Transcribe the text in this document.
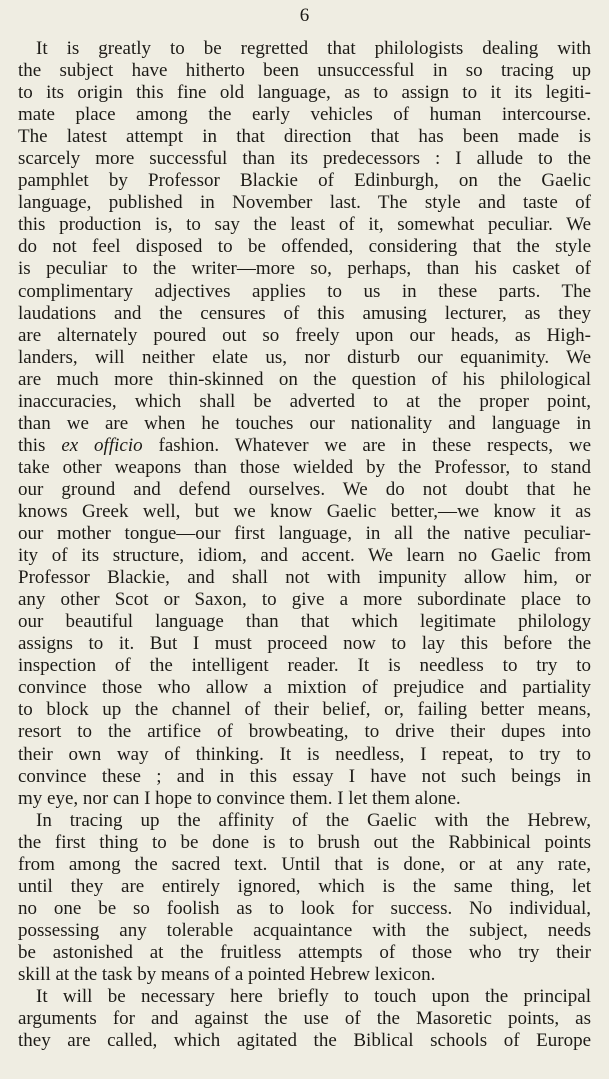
6
It is greatly to be regretted that philologists dealing with
the subject have hitherto been unsuccessful in so tracing up
to its origin this fine old language, as to assign to it its legiti-
mate place among the early vehicles of human intercourse.
The latest attempt in that direction that has been made is
scarcely more successful than its predecessors : I allude to the
pamphlet by Professor Blackie of Edinburgh, on the Gaelic
language, published in November last. The style and taste of
this production is, to say the least of it, somewhat peculiar. We
do not feel disposed to be offended, considering that the style
is peculiar to the writer—more so, perhaps, than his casket of
complimentary adjectives applies to us in these parts. The
laudations and the censures of this amusing lecturer, as they
are alternately poured out so freely upon our heads, as High-
landers, will neither elate us, nor disturb our equanimity. We
are much more thin-skinned on the question of his philological
inaccuracies, which shall be adverted to at the proper point,
than we are when he touches our nationality and language in
this ex officio fashion. Whatever we are in these respects, we
take other weapons than those wielded by the Professor, to stand
our ground and defend ourselves. We do not doubt that he
knows Greek well, but we know Gaelic better,—we know it as
our mother tongue—our first language, in all the native peculiar-
ity of its structure, idiom, and accent. We learn no Gaelic from
Professor Blackie, and shall not with impunity allow him, or
any other Scot or Saxon, to give a more subordinate place to
our beautiful language than that which legitimate philology
assigns to it. But I must proceed now to lay this before the
inspection of the intelligent reader. It is needless to try to
convince those who allow a mixtion of prejudice and partiality
to block up the channel of their belief, or, failing better means,
resort to the artifice of browbeating, to drive their dupes into
their own way of thinking. It is needless, I repeat, to try to
convince these ; and in this essay I have not such beings in
my eye, nor can I hope to convince them. I let them alone.
In tracing up the affinity of the Gaelic with the Hebrew,
the first thing to be done is to brush out the Rabbinical points
from among the sacred text. Until that is done, or at any rate,
until they are entirely ignored, which is the same thing, let
no one be so foolish as to look for success. No individual,
possessing any tolerable acquaintance with the subject, needs
be astonished at the fruitless attempts of those who try their
skill at the task by means of a pointed Hebrew lexicon.
It will be necessary here briefly to touch upon the principal
arguments for and against the use of the Masoretic points, as
they are called, which agitated the Biblical schools of Europe
